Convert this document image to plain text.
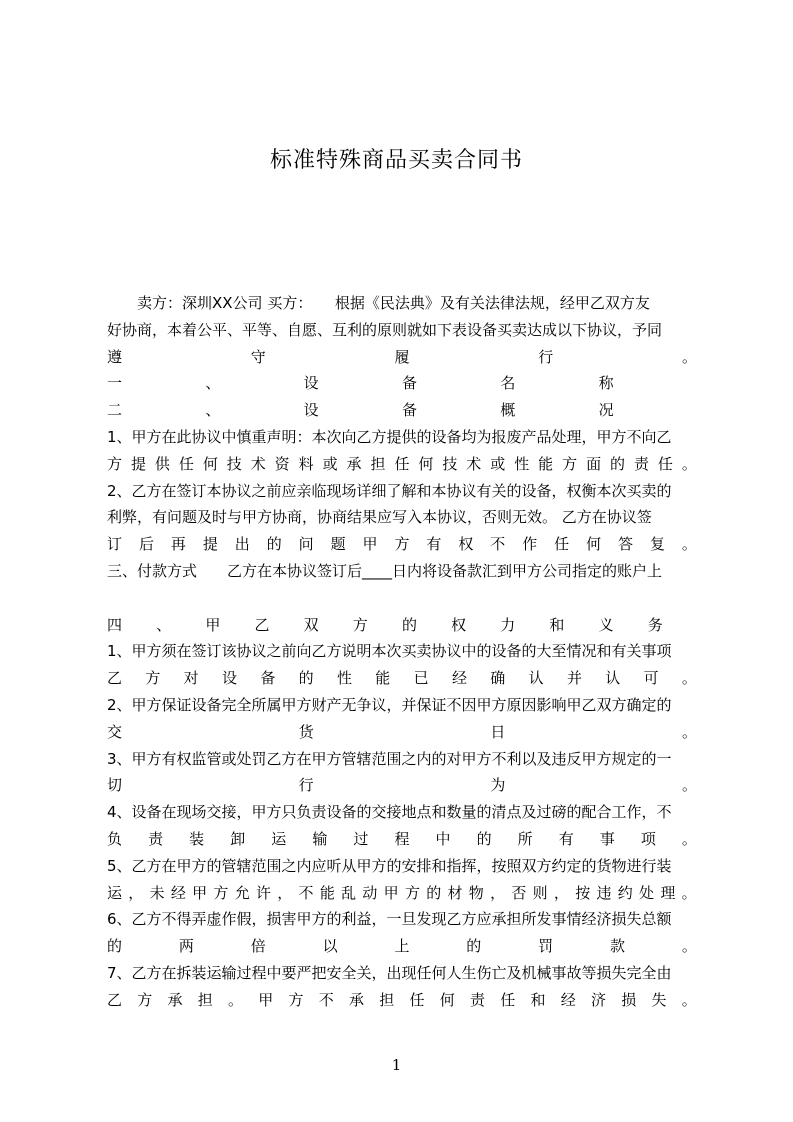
标准特殊商品买卖合同书
　　卖方：深圳XX公司 买方：　　根据《民法典》及有关法律法规，经甲乙双方友
好协商，本着公平、平等、自愿、互利的原则就如下表设备买卖达成以下协议，予同
遵	守	履	行	。
一	、	设	备	名	称
二	、	设	备	概	况
1、甲方在此协议中慎重声明：本次向乙方提供的设备均为报废产品处理，甲方不向乙
方 提 供 任 何 技 术 资 料 或 承 担 任 何 技 术 或 性 能 方 面 的 责 任 。
2、乙方在签订本协议之前应亲临现场详细了解和本协议有关的设备，权衡本次买卖的
利弊，有问题及时与甲方协商，协商结果应写入本协议，否则无效。 乙方在协议签
订 后 再 提 出 的 问 题 甲 方 有 权 不 作 任 何 答 复 。
三、付款方式　　乙方在本协议签订后____日内将设备款汇到甲方公司指定的账户上
四 、 甲 乙 双 方 的 权 力 和 义 务
1、甲方须在签订该协议之前向乙方说明本次买卖协议中的设备的大至情况和有关事项
乙 方 对 设 备 的 性 能 已 经 确 认 并 认 可 。
2、甲方保证设备完全所属甲方财产无争议，并保证不因甲方原因影响甲乙双方确定的
交	货	日	。
3、甲方有权监管或处罚乙方在甲方管辖范围之内的对甲方不利以及违反甲方规定的一
切	行	为	。
4、设备在现场交接，甲方只负责设备的交接地点和数量的清点及过磅的配合工作，不
负 责 装 卸 运 输 过 程 中 的 所 有 事 项 。
5、乙方在甲方的管辖范围之内应听从甲方的安排和指挥，按照双方约定的货物进行装
运 ， 未 经 甲 方 允 许 ， 不 能 乱 动 甲 方 的 材 物 ， 否 则 ， 按 违 约 处 理 。
6、乙方不得弄虚作假，损害甲方的利益，一旦发现乙方应承担所发事情经济损失总额
的	两	倍	以	上	的	罚	款	。
7、乙方在拆装运输过程中要严把安全关，出现任何人生伤亡及机械事故等损失完全由
乙 方 承 担 。 甲 方 不 承 担 任 何 责 任 和 经 济 损 失 。
1
